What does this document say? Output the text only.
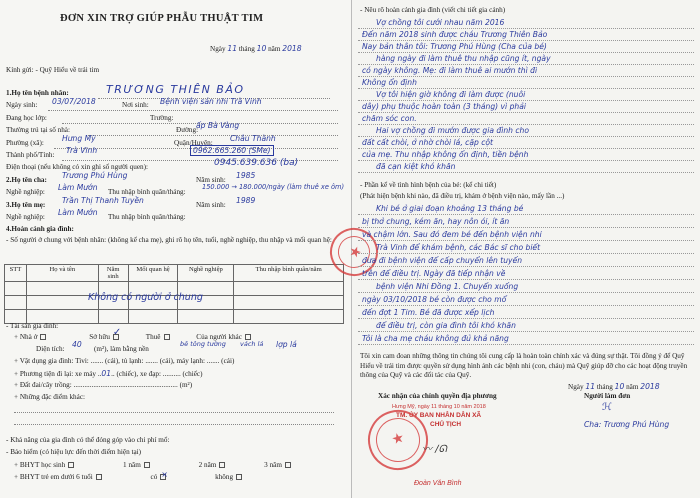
ĐƠN XIN TRỢ GIÚP PHẪU THUẬT TIM
Ngày 11 tháng 10 năm 2018
Kính gửi: - Quỹ Hiểu về trái tim
1.Họ tên bệnh nhân:	TRƯƠNG THIÊN BẢO
Ngày sinh: 03/07/2018	Nơi sinh: Bệnh viện sản nhi Trà Vinh
Đang học lớp:	Trường:
Thường trú tại số nhà:	ấp Bà Vàng
Đường:
Phường (xã): Hưng Mỹ	Quận/Huyện: Châu Thành
Thành phố/Tỉnh: Trà Vinh	0962.665.260 (SMe)
Điện thoại (nếu không có xin ghi số người quen):	0945.639.636 (ba)
2.Họ tên cha: Trương Phú Hùng	Năm sinh: 1985
Nghề nghiệp: Làm Mướn Thu nhập bình quân/tháng:
150.000 → 180.000/ngày (làm thuê xe ôm)
3.Họ tên mẹ: Trần Thị Thanh Tuyền	Năm sinh: 1989
Nghề nghiệp: Làm Mướn Thu nhập bình quân/tháng:
4.Hoàn cảnh gia đình:
- Số người ở chung với bệnh nhân: (không kể cha mẹ), ghi rõ họ tên, tuổi, nghề nghiệp, thu nhập và mối quan hệ:
STT	Họ và tên	Năm sinh	Mối quan hệ	Nghề nghiệp	Thu nhập bình quân/năm

Không có người ở chung
- Tài sản gia đình:
+ Nhà ở	Sở hữu ✓	Thuê	Của người khác
Diện tích: 40 (m²), làm bằng nền
bê tông tường vách lá lợp lá
+ Vật dụng gia đình: Tivi: ....... (cái), tủ lạnh: ....... (cái), máy lạnh: ....... (cái)
+ Phương tiện đi lại: xe máy ..01.. (chiếc), xe đạp: .......... (chiếc)
+ Đất đai/cây trồng: .......................................................... (m²)
+ Những đặc điểm khác:
- Khả năng của gia đình có thể đóng góp vào chi phí mổ:
- Bảo hiểm (có hiệu lực đến thời điểm hiện tại)
+ BHYT học sinh	1 năm	2 năm	3 năm
+ BHYT trẻ em dưới 6 tuổi	có ×	không
- Nêu rõ hoàn cảnh gia đình (viết chi tiết gia cảnh)
- Phần kể về tình hình bệnh của bé: (kể chi tiết)
(Phát hiện bệnh khi nào, đã điều trị, khám ở bệnh viện nào, mấy lần ...)
Tôi xin cam đoan những thông tin chúng tôi cung cấp là hoàn toàn chính xác và đúng sự thật. Tôi đồng ý để Quỹ Hiểu về trái tim được quyền sử dụng hình ảnh các bệnh nhi (con, cháu) mà Quỹ giúp đỡ cho các hoạt động truyền thông của Quỹ và các đối tác của Quỹ.
Ngày 11 tháng 10 năm 2018
Xác nhận của chính quyền địa phương	Người làm đơn
Hưng Mỹ, ngày 11 tháng 10 năm 2018
TM. ỦY BAN NHÂN DÂN XÃ
CHỦ TỊCH
★
〰 ∕ᘏ
Đoàn Văn Bình
ℋ
Cha: Trương Phú Hùng
★
Vợ chồng tôi cưới nhau năm 2016
Đến năm 2018 sinh được cháu Trương Thiên Bảo
Nay bản thân tôi: Trương Phú Hùng (Cha của bé)
hàng ngày đi làm thuê thu nhập cũng ít, ngày
có ngày không. Mẹ: đi làm thuê ai mướn thì đi
Không ổn định
Vợ tôi hiện giờ không đi làm được (nuôi
dây) phụ thuộc hoàn toàn (3 tháng) vì phải
chăm sóc con.
Hai vợ chồng đi mướn được gia đình cho
đất cất chòi, ở nhờ chòi lá, cặp cột
của mẹ. Thu nhập không ổn định, tiền bệnh
đã cạn kiệt khó khăn
Khi bé ở giai đoạn khoảng 13 tháng bé
bị thở chung, kém ăn, hay nôn ói, ít ăn
và chậm lớn. Sau đó đem bé đến bệnh viện nhi
Trà Vinh để khám bệnh, các Bác sĩ cho biết
đưa đi bệnh viện để cấp chuyển lên tuyến
trên để điều trị. Ngày đã tiếp nhận về
bệnh viện Nhi Đồng 1. Chuyển xuống
ngày 03/10/2018 bé còn được cho mổ
đến đợt 1 Tim. Bé đã được xếp lịch
để điều trị, còn gia đình tôi khó khăn
Tôi là cha mẹ cháu không đủ khả năng
